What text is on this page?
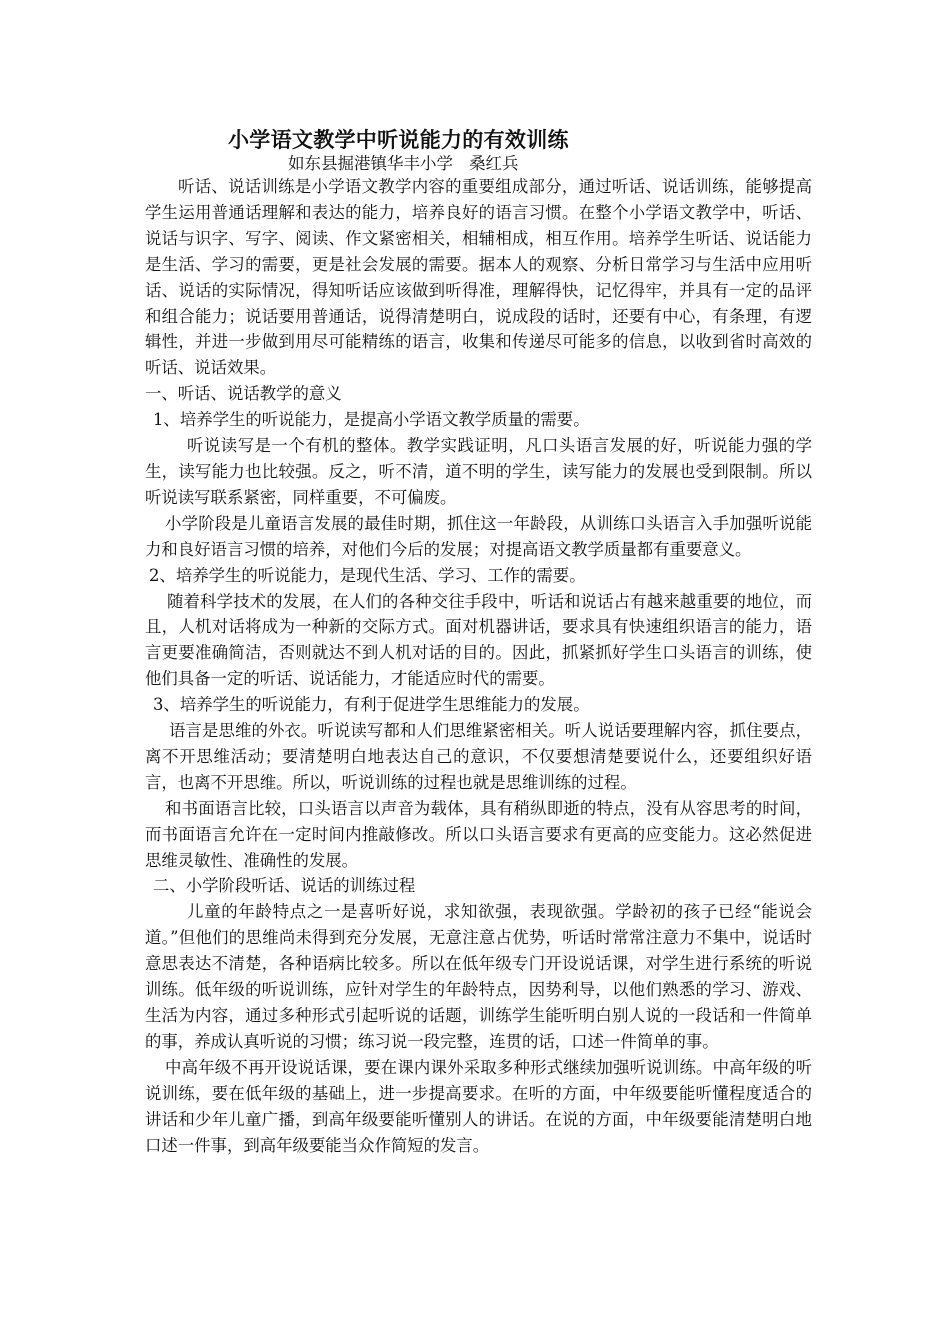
小学语文教学中听说能力的有效训练
如东县掘港镇华丰小学 桑红兵

听话、说话训练是小学语文教学内容的重要组成部分，通过听话、说话训练，能够提高学生运用普通话理解和表达的能力，培养良好的语言习惯。在整个小学语文教学中，听话、说话与识字、写字、阅读、作文紧密相关，相辅相成，相互作用。培养学生听话、说话能力是生活、学习的需要，更是社会发展的需要。据本人的观察、分析日常学习与生活中应用听话、说话的实际情况，得知听话应该做到听得准，理解得快，记忆得牢，并具有一定的品评和组合能力；说话要用普通话，说得清楚明白，说成段的话时，还要有中心，有条理，有逻辑性，并进一步做到用尽可能精练的语言，收集和传递尽可能多的信息，以收到省时高效的听话、说话效果。

一、听话、说话教学的意义

1、培养学生的听说能力，是提高小学语文教学质量的需要。

听说读写是一个有机的整体。教学实践证明，凡口头语言发展的好，听说能力强的学生，读写能力也比较强。反之，听不清，道不明的学生，读写能力的发展也受到限制。所以听说读写联系紧密，同样重要，不可偏废。

小学阶段是儿童语言发展的最佳时期，抓住这一年龄段，从训练口头语言入手加强听说能力和良好语言习惯的培养，对他们今后的发展；对提高语文教学质量都有重要意义。

2、培养学生的听说能力，是现代生活、学习、工作的需要。

随着科学技术的发展，在人们的各种交往手段中，听话和说话占有越来越重要的地位，而且，人机对话将成为一种新的交际方式。面对机器讲话，要求具有快速组织语言的能力，语言更要准确简洁，否则就达不到人机对话的目的。因此，抓紧抓好学生口头语言的训练，使他们具备一定的听话、说话能力，才能适应时代的需要。

3、培养学生的听说能力，有利于促进学生思维能力的发展。

语言是思维的外衣。听说读写都和人们思维紧密相关。听人说话要理解内容，抓住要点，离不开思维活动；要清楚明白地表达自己的意识，不仅要想清楚要说什么，还要组织好语言，也离不开思维。所以，听说训练的过程也就是思维训练的过程。

和书面语言比较，口头语言以声音为载体，具有稍纵即逝的特点，没有从容思考的时间，而书面语言允许在一定时间内推敲修改。所以口头语言要求有更高的应变能力。这必然促进思维灵敏性、准确性的发展。

二、小学阶段听话、说话的训练过程

儿童的年龄特点之一是喜听好说，求知欲强，表现欲强。学龄初的孩子已经“能说会道。”但他们的思维尚未得到充分发展，无意注意占优势，听话时常常注意力不集中，说话时意思表达不清楚，各种语病比较多。所以在低年级专门开设说话课，对学生进行系统的听说训练。低年级的听说训练，应针对学生的年龄特点，因势利导，以他们熟悉的学习、游戏、生活为内容，通过多种形式引起听说的话题，训练学生能听明白别人说的一段话和一件简单的事，养成认真听说的习惯；练习说一段完整，连贯的话，口述一件简单的事。

中高年级不再开设说话课，要在课内课外采取多种形式继续加强听说训练。中高年级的听说训练，要在低年级的基础上，进一步提高要求。在听的方面，中年级要能听懂程度适合的讲话和少年儿童广播，到高年级要能听懂别人的讲话。在说的方面，中年级要能清楚明白地口述一件事，到高年级要能当众作简短的发言。
